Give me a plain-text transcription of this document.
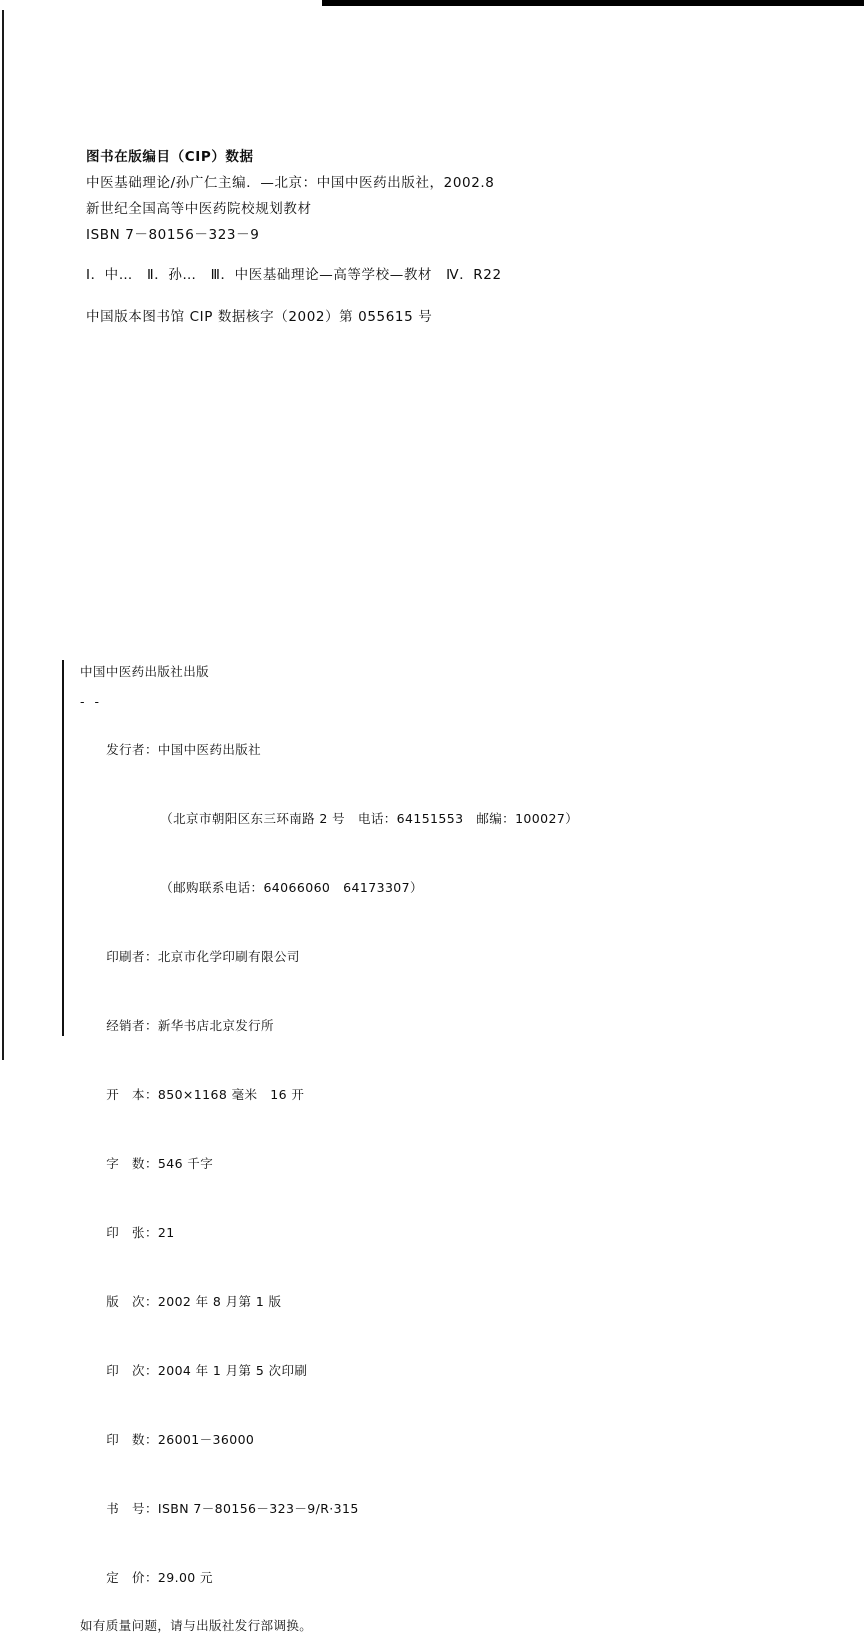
图书在版编目（CIP）数据
中医基础理论/孙广仁主编．—北京：中国中医药出版社，2002.8
新世纪全国高等中医药院校规划教材
ISBN 7－80156－323－9
Ⅰ．中…　Ⅱ．孙…　Ⅲ．中医基础理论—高等学校—教材　Ⅳ．R22
中国版本图书馆 CIP 数据核字（2002）第 055615 号
中国中医药出版社出版
- -

发行者：中国中医药出版社

（北京市朝阳区东三环南路 2 号　电话：64151553　邮编：100027）

（邮购联系电话：64066060　64173307）

印刷者：北京市化学印刷有限公司

经销者：新华书店北京发行所

开　本：850×1168 毫米　16 开

字　数：546 千字

印　张：21

版　次：2002 年 8 月第 1 版

印　次：2004 年 1 月第 5 次印刷

印　数：26001－36000

书　号：ISBN 7－80156－323－9/R·315

定　价：29.00 元

如有质量问题，请与出版社发行部调换。
